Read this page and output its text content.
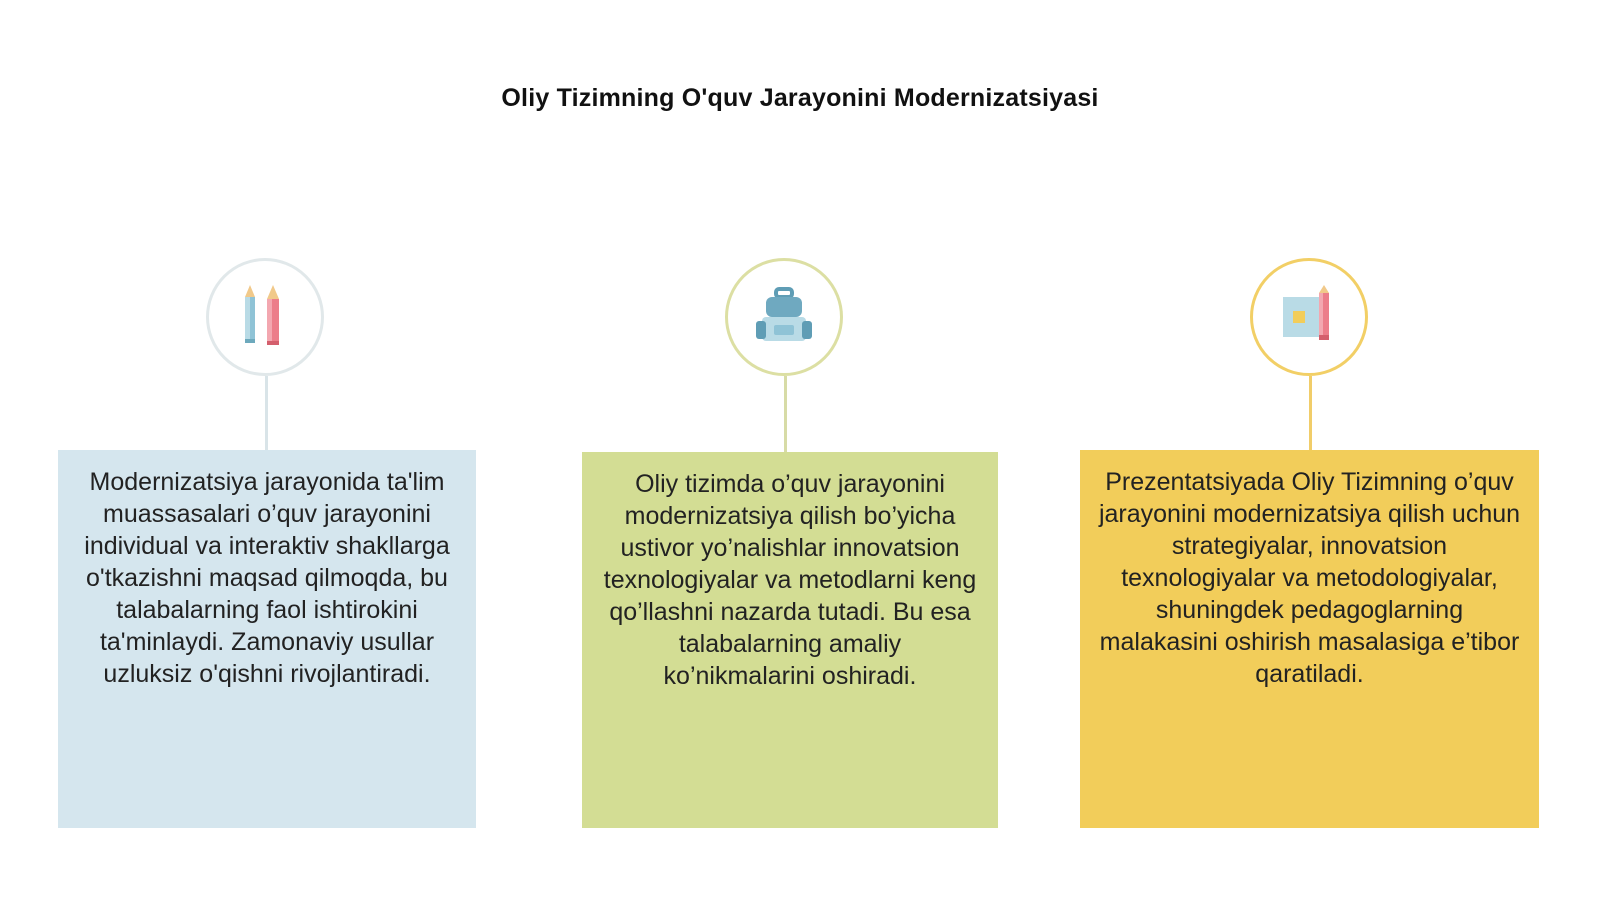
Oliy Tizimning O'quv Jarayonini Modernizatsiyasi
Modernizatsiya jarayonida ta'lim muassasalari o’quv jarayonini individual va interaktiv shakllarga o'tkazishni maqsad qilmoqda, bu talabalarning faol ishtirokini ta'minlaydi. Zamonaviy usullar uzluksiz o'qishni rivojlantiradi.
Oliy tizimda o’quv jarayonini modernizatsiya qilish bo’yicha ustivor yo’nalishlar innovatsion texnologiyalar va metodlarni keng qo’llashni nazarda tutadi. Bu esa talabalarning amaliy ko’nikmalarini oshiradi.
Prezentatsiyada Oliy Tizimning o’quv jarayonini modernizatsiya qilish uchun strategiyalar, innovatsion texnologiyalar va metodologiyalar, shuningdek pedagoglarning malakasini oshirish masalasiga e’tibor qaratiladi.
